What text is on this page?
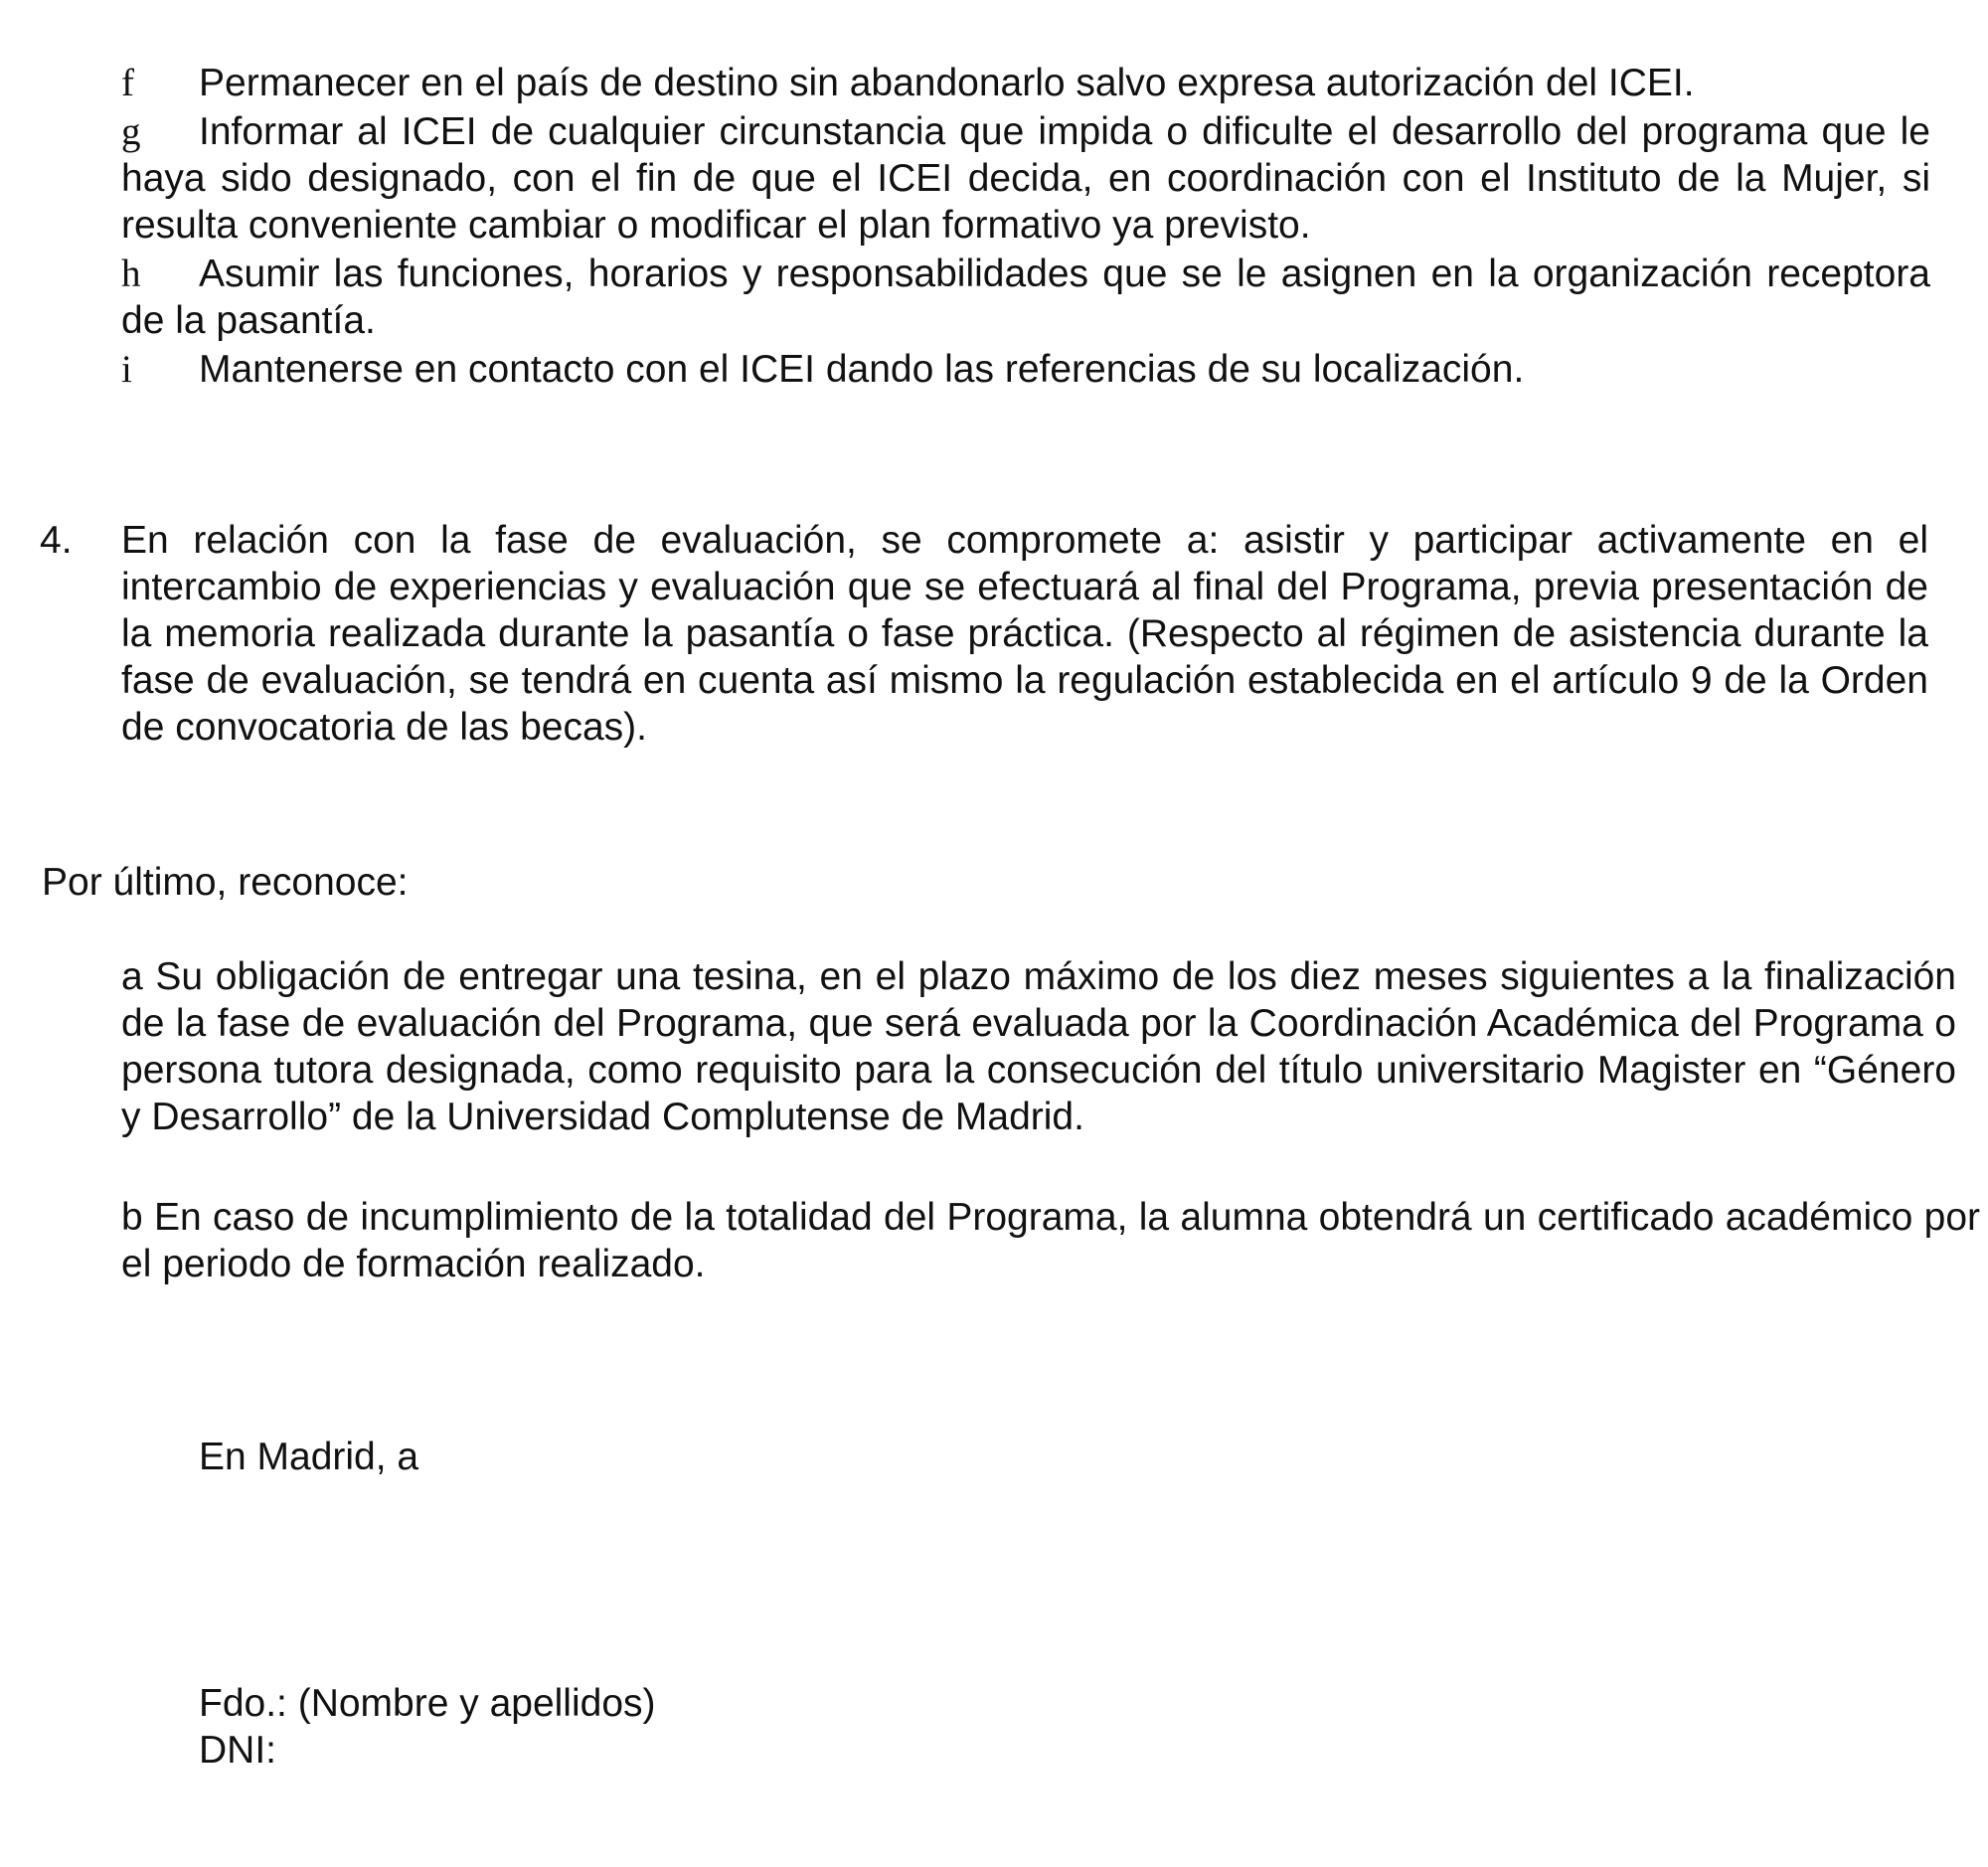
f Permanecer en el país de destino sin abandonarlo salvo expresa autorización del ICEI.
g Informar al ICEI de cualquier circunstancia que impida o dificulte el desarrollo del programa que le haya sido designado, con el fin de que el ICEI decida, en coordinación con el Instituto de la Mujer, si resulta conveniente cambiar o modificar el plan formativo ya previsto.
h Asumir las funciones, horarios y responsabilidades que se le asignen en la organización receptora de la pasantía.
i Mantenerse en contacto con el ICEI dando las referencias de su localización.
4. En relación con la fase de evaluación, se compromete a: asistir y participar activamente en el intercambio de experiencias y evaluación que se efectuará al final del Programa, previa presentación de la memoria realizada durante la pasantía o fase práctica. (Respecto al régimen de asistencia durante la fase de evaluación, se tendrá en cuenta así mismo la regulación establecida en el artículo 9 de la Orden de convocatoria de las becas).
Por último, reconoce:
a Su obligación de entregar una tesina, en el plazo máximo de los diez meses siguientes a la finalización de la fase de evaluación del Programa, que será evaluada por la Coordinación Académica del Programa o persona tutora designada, como requisito para la consecución del título universitario Magister en “Género y Desarrollo” de la Universidad Complutense de Madrid.
b En caso de incumplimiento de la totalidad del Programa, la alumna obtendrá un certificado académico por el periodo de formación realizado.
En Madrid, a
Fdo.: (Nombre y apellidos)
DNI:
